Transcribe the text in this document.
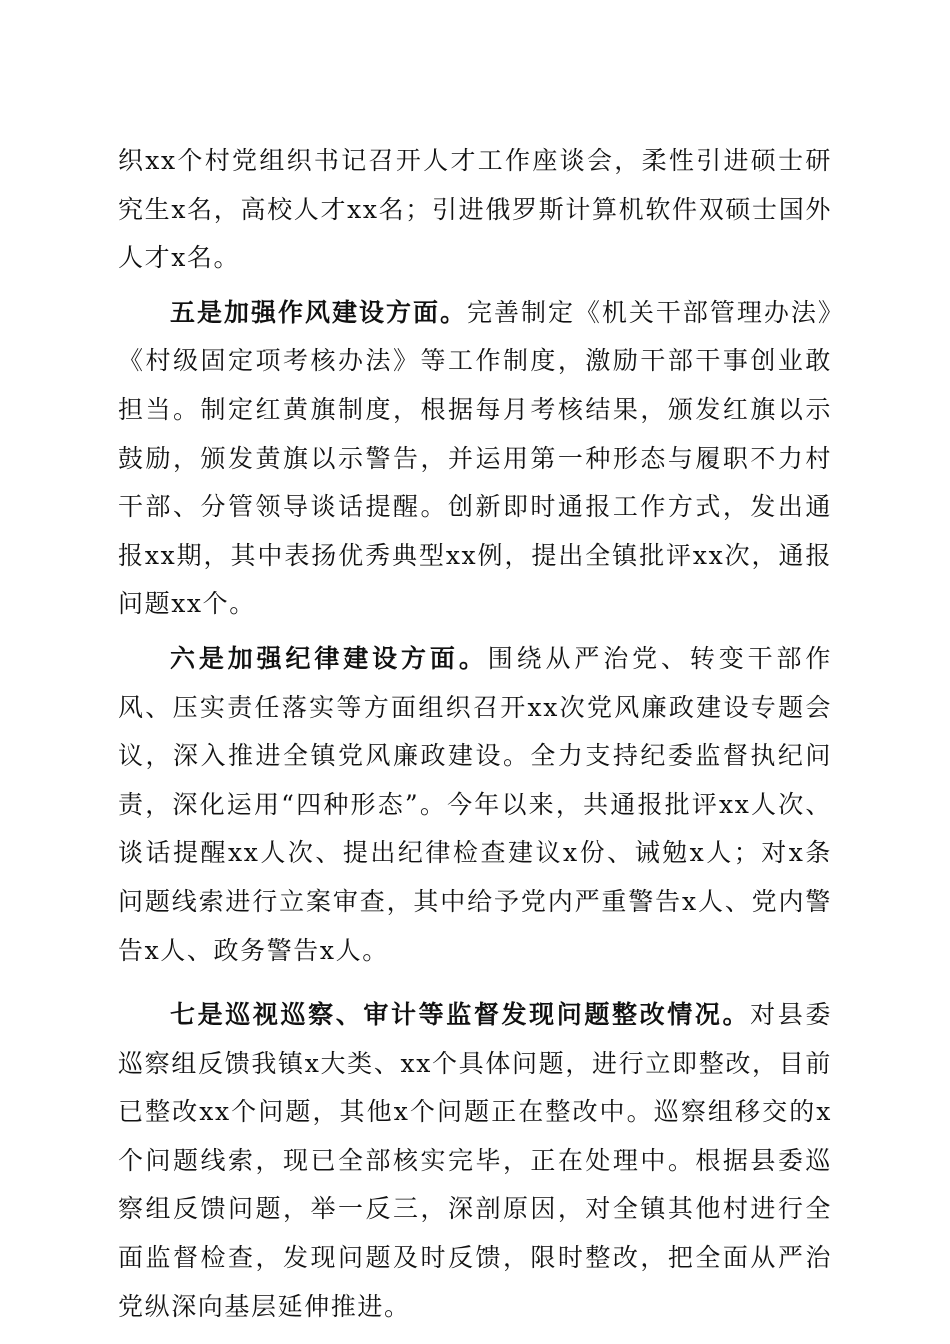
织xx个村党组织书记召开人才工作座谈会，柔性引进硕士研究生x名，高校人才xx名；引进俄罗斯计算机软件双硕士国外人才x名。

五是加强作风建设方面。完善制定《机关干部管理办法》《村级固定项考核办法》等工作制度，激励干部干事创业敢担当。制定红黄旗制度，根据每月考核结果，颁发红旗以示鼓励，颁发黄旗以示警告，并运用第一种形态与履职不力村干部、分管领导谈话提醒。创新即时通报工作方式，发出通报xx期，其中表扬优秀典型xx例，提出全镇批评xx次，通报问题xx个。

六是加强纪律建设方面。围绕从严治党、转变干部作风、压实责任落实等方面组织召开xx次党风廉政建设专题会议，深入推进全镇党风廉政建设。全力支持纪委监督执纪问责，深化运用“四种形态”。今年以来，共通报批评xx人次、谈话提醒xx人次、提出纪律检查建议x份、诫勉x人；对x条问题线索进行立案审查，其中给予党内严重警告x人、党内警告x人、政务警告x人。

七是巡视巡察、审计等监督发现问题整改情况。对县委巡察组反馈我镇x大类、xx个具体问题，进行立即整改，目前已整改xx个问题，其他x个问题正在整改中。巡察组移交的x个问题线索，现已全部核实完毕，正在处理中。根据县委巡察组反馈问题，举一反三，深剖原因，对全镇其他村进行全面监督检查，发现问题及时反馈，限时整改，把全面从严治党纵深向基层延伸推进。
